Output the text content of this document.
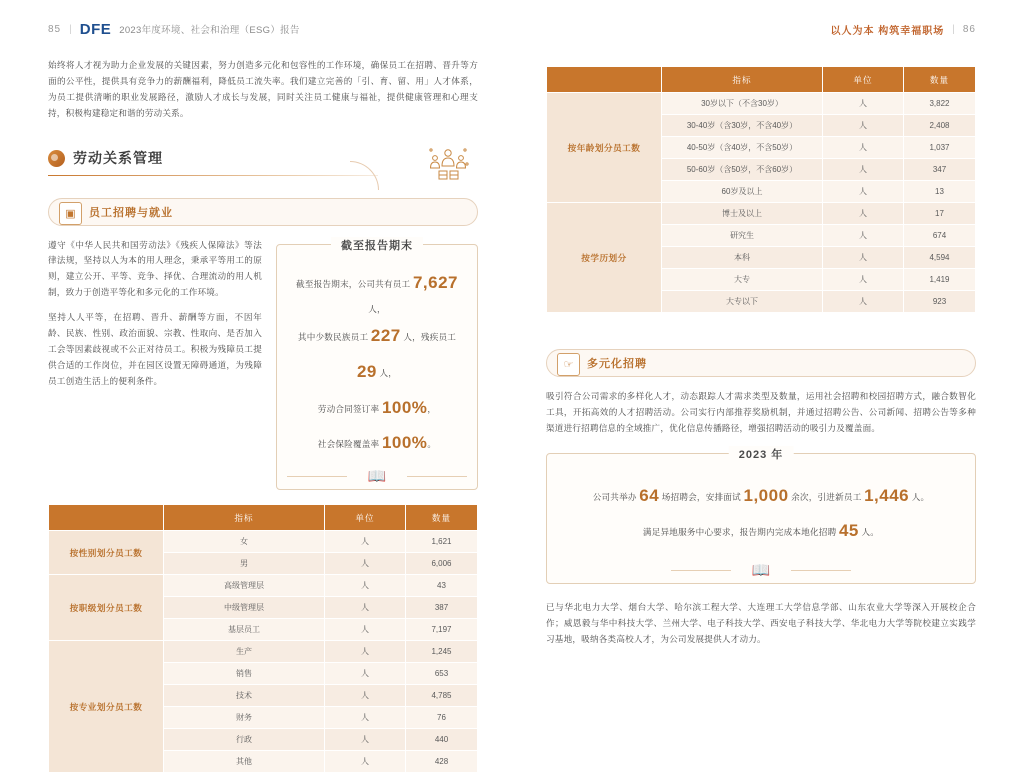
85 | DFE 2023年度环境、社会和治理（ESG）报告	以人为本 构筑幸福职场 | 86

始终将人才视为助力企业发展的关键因素，努力创造多元化和包容性的工作环境，确保员工在招聘、晋升等方面的公平性，提供具有竞争力的薪酬福利，降低员工流失率。我们建立完善的「引、育、留、用」人才体系，为员工提供清晰的职业发展路径，激励人才成长与发展，同时关注员工健康与福祉，提供健康管理和心理支持，积极构建稳定和谐的劳动关系。

劳动关系管理
▣	员工招聘与就业

遵守《中华人民共和国劳动法》《残疾人保障法》等法律法规，坚持以人为本的用人理念，秉承平等用工的原则，建立公开、平等、竞争、择优、合理流动的用人机制，致力于创造平等化和多元化的工作环境。

坚持人人平等，在招聘、晋升、薪酬等方面，不因年龄、民族、性别、政治面貌、宗教、性取向、是否加入工会等因素歧视或不公正对待员工。积极为残障员工提供合适的工作岗位，并在园区设置无障碍通道，为残障员工创造生活上的便利条件。

截至报告期末
截至报告期末，公司共有员工 7,627 人，
其中少数民族员工 227 人，残疾员工 29 人，
劳动合同签订率 100%，
社会保险覆盖率 100%。
📖
	指标	单位	数量
按性别划分员工数	女	人	1,621
	男	人	6,006
按职级划分员工数	高级管理层	人	43
	中级管理层	人	387
	基层员工	人	7,197
按专业划分员工数	生产	人	1,245
	销售	人	653
	技术	人	4,785
	财务	人	76
	行政	人	440
	其他	人	428
	指标	单位	数量
按年龄划分员工数	30岁以下（不含30岁）	人	3,822
	30-40岁（含30岁，不含40岁）	人	2,408
	40-50岁（含40岁，不含50岁）	人	1,037
	50-60岁（含50岁，不含60岁）	人	347
	60岁及以上	人	13
按学历划分	博士及以上	人	17
	研究生	人	674
	本科	人	4,594
	大专	人	1,419
	大专以下	人	923
☞	多元化招聘

吸引符合公司需求的多样化人才，动态跟踪人才需求类型及数量，运用社会招聘和校园招聘方式，融合数智化工具，开拓高效的人才招聘活动。公司实行内部推荐奖励机制，并通过招聘公告、公司新闻、招聘公告等多种渠道进行招聘信息的全域推广，优化信息传播路径，增强招聘活动的吸引力及覆盖面。

2023 年
公司共举办 64 场招聘会，安排面试 1,000 余次，引进新员工 1,446 人。
满足异地服务中心要求，报告期内完成本地化招聘 45 人。
📖

已与华北电力大学、烟台大学、哈尔滨工程大学、大连理工大学信息学部、山东农业大学等深入开展校企合作；威恩毅与华中科技大学、兰州大学、电子科技大学、西安电子科技大学、华北电力大学等院校建立实践学习基地，吸纳各类高校人才，为公司发展提供人才动力。
